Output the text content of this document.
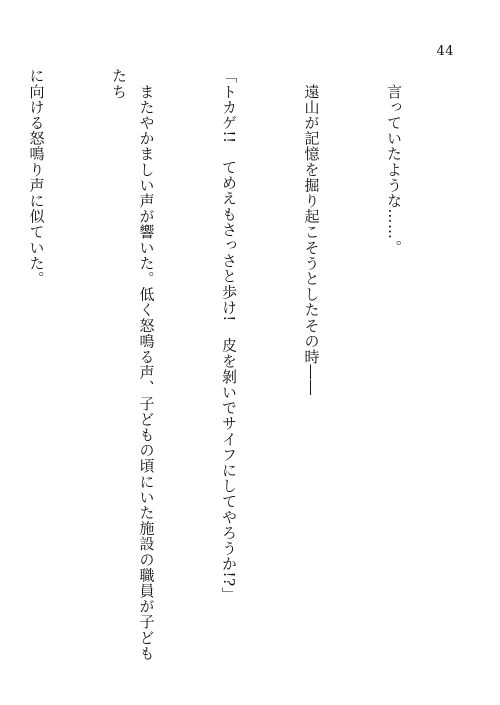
44

　言っていたような……。

　遠山が記憶を掘り起こそうとしたその時――

「トカゲ!!　てめえもさっさと歩け!　皮を剝いでサイフにしてやろうか!?」

　またやかましい声が響いた。低く怒鳴る声、子どもの頃にいた施設の職員が子どもたち

に向ける怒鳴り声に似ていた。
